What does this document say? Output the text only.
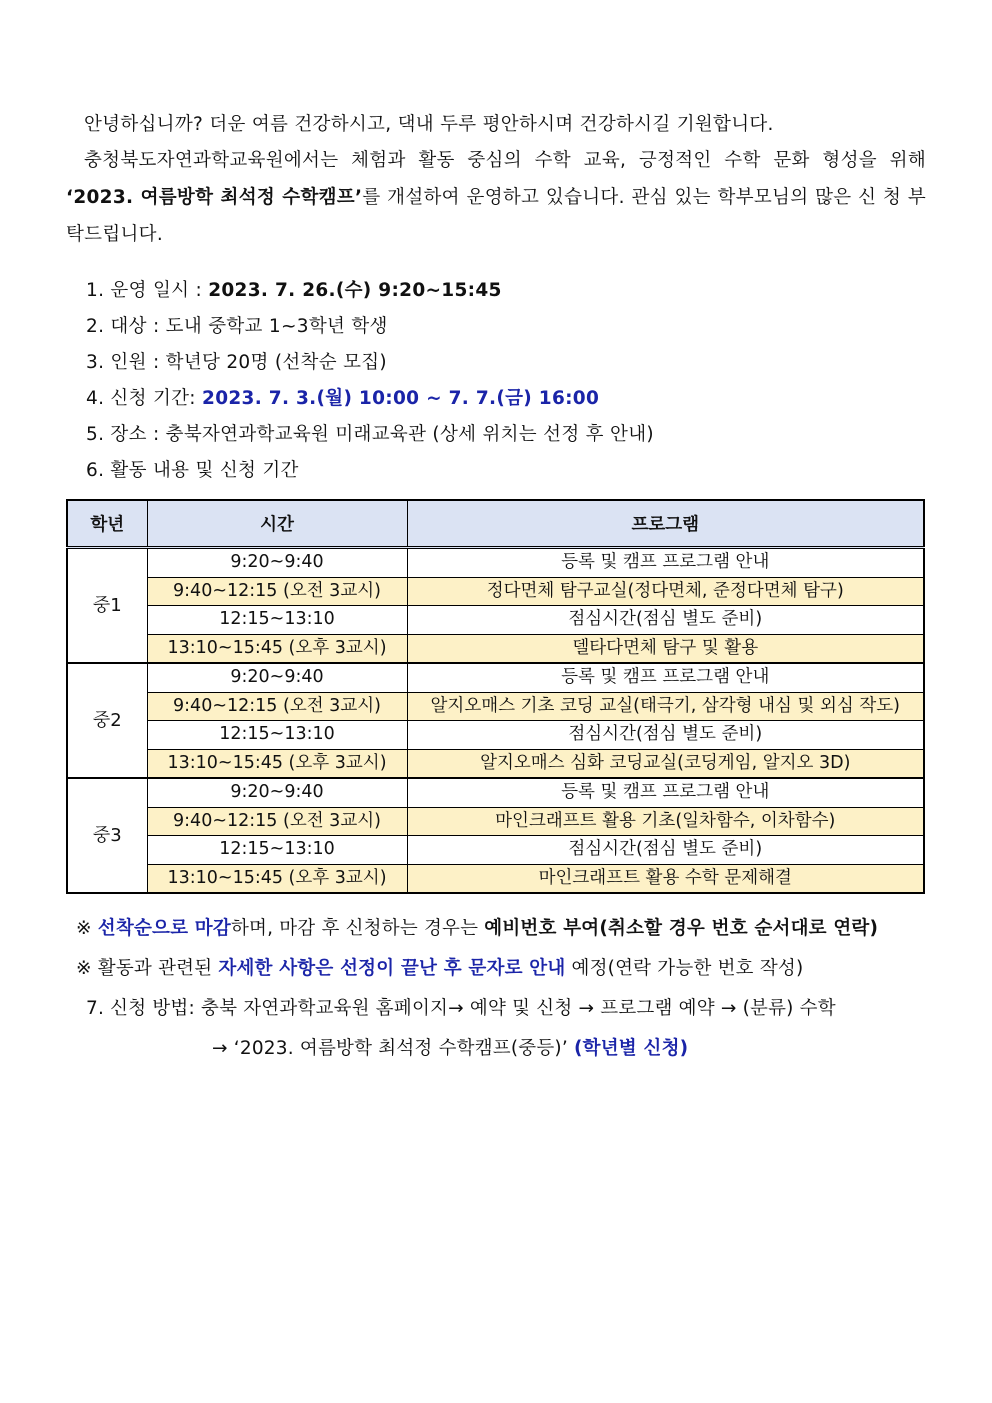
안녕하십니까? 더운 여름 건강하시고, 댁내 두루 평안하시며 건강하시길 기원합니다.

충청북도자연과학교육원에서는 체험과 활동 중심의 수학 교육, 긍정적인 수학 문화 형성을 위해 ‘2023. 여름방학 최석정 수학캠프’를 개설하여 운영하고 있습니다. 관심 있는 학부모님의 많은 신 청 부탁드립니다.

1. 운영 일시 : 2023. 7. 26.(수) 9:20~15:45
2. 대상 : 도내 중학교 1~3학년 학생
3. 인원 : 학년당 20명 (선착순 모집)
4. 신청 기간: 2023. 7. 3.(월) 10:00 ~ 7. 7.(금) 16:00
5. 장소 : 충북자연과학교육원 미래교육관 (상세 위치는 선정 후 안내)
6. 활동 내용 및 신청 기간
학년	시간	프로그램
중1	9:20~9:40	등록 및 캠프 프로그램 안내
	9:40~12:15 (오전 3교시)	정다면체 탐구교실(정다면체, 준정다면체 탐구)
	12:15~13:10	점심시간(점심 별도 준비)
	13:10~15:45 (오후 3교시)	델타다면체 탐구 및 활용
중2	9:20~9:40	등록 및 캠프 프로그램 안내
	9:40~12:15 (오전 3교시)	알지오매스 기초 코딩 교실(태극기, 삼각형 내심 및 외심 작도)
	12:15~13:10	점심시간(점심 별도 준비)
	13:10~15:45 (오후 3교시)	알지오매스 심화 코딩교실(코딩게임, 알지오 3D)
중3	9:20~9:40	등록 및 캠프 프로그램 안내
	9:40~12:15 (오전 3교시)	마인크래프트 활용 기초(일차함수, 이차함수)
	12:15~13:10	점심시간(점심 별도 준비)
	13:10~15:45 (오후 3교시)	마인크래프트 활용 수학 문제해결
※ 선착순으로 마감하며, 마감 후 신청하는 경우는 예비번호 부여(취소할 경우 번호 순서대로 연락)
※ 활동과 관련된 자세한 사항은 선정이 끝난 후 문자로 안내 예정(연락 가능한 번호 작성)
7. 신청 방법: 충북 자연과학교육원 홈페이지→ 예약 및 신청 → 프로그램 예약 → (분류) 수학
→ ‘2023. 여름방학 최석정 수학캠프(중등)’ (학년별 신청)
